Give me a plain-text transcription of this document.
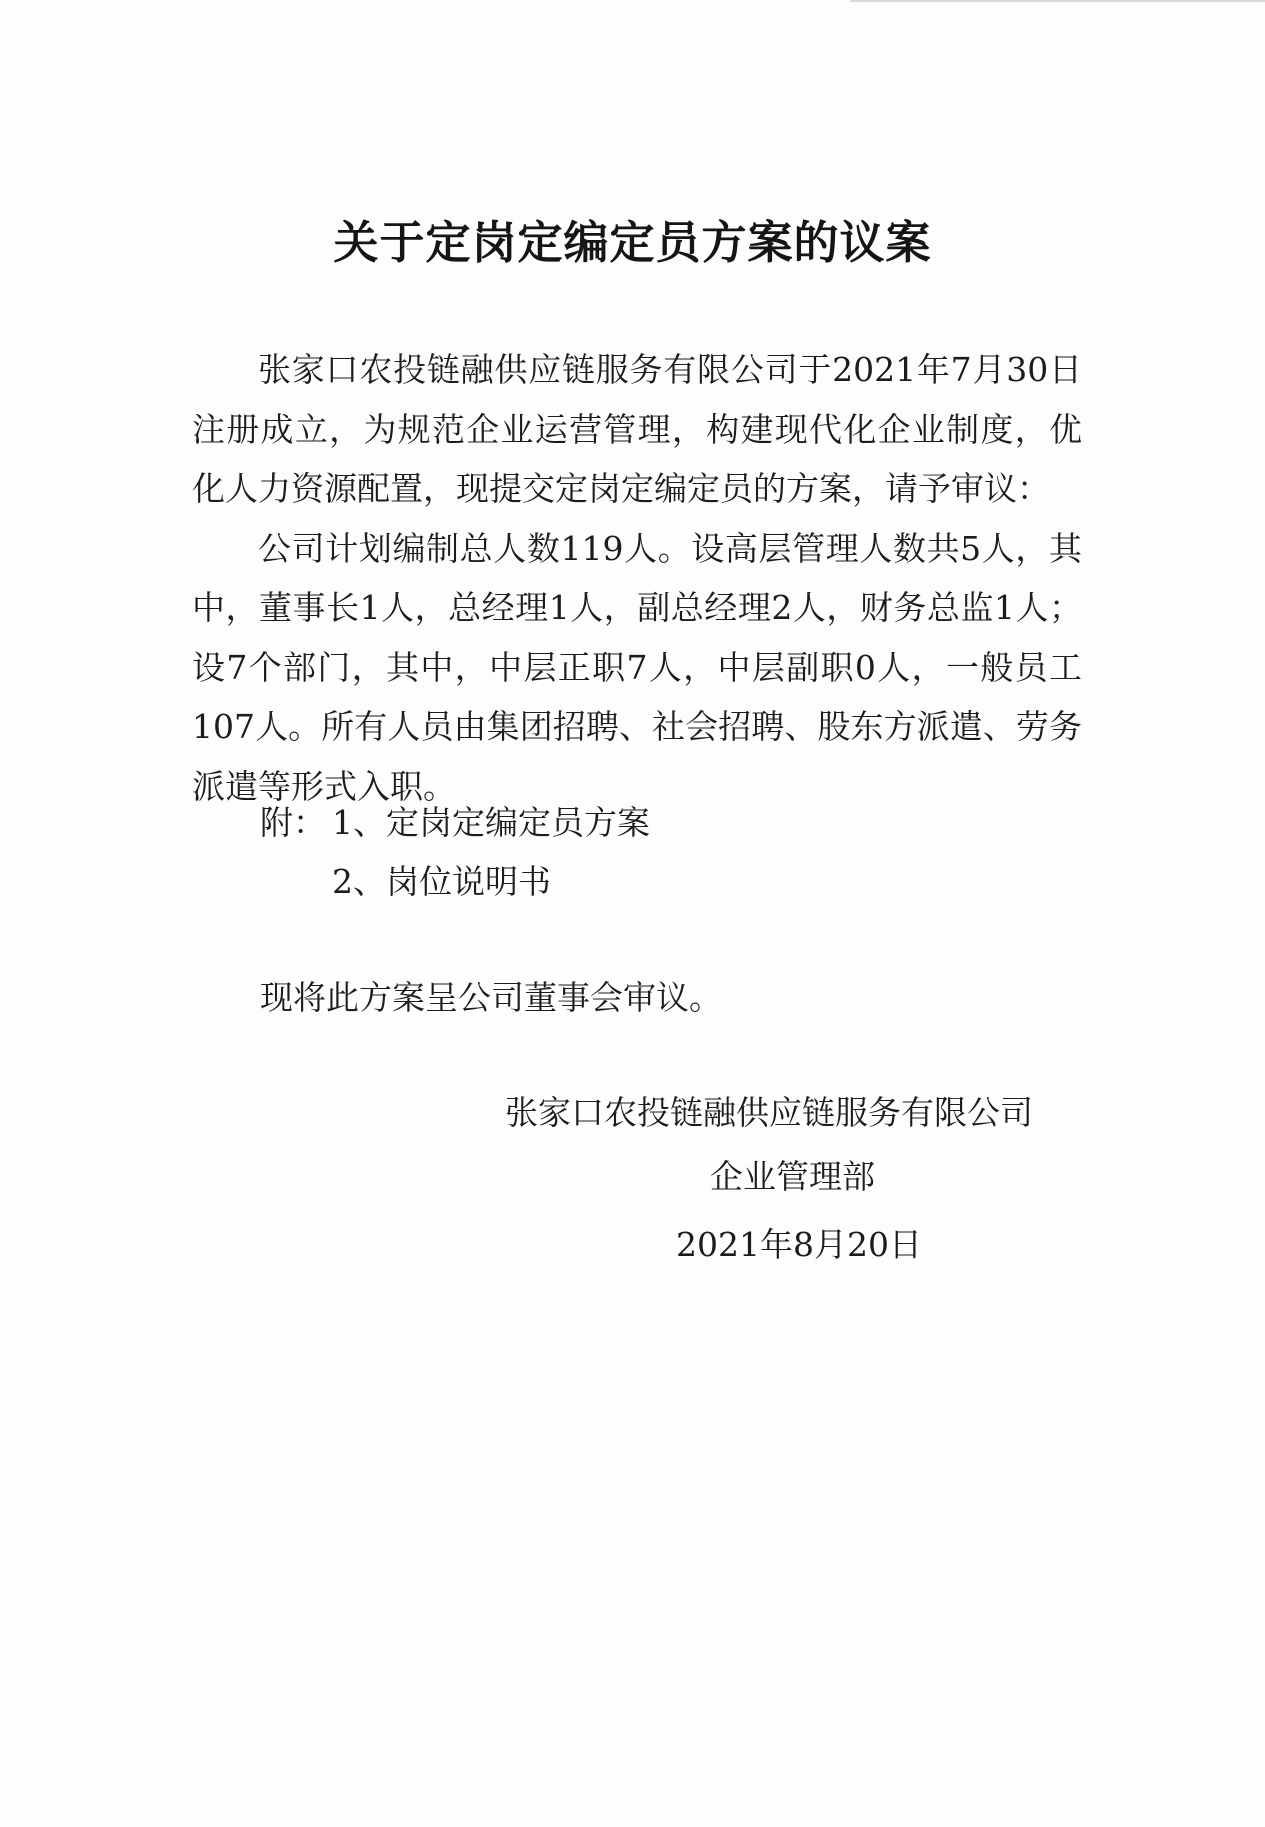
关于定岗定编定员方案的议案

张家口农投链融供应链服务有限公司于2021年7月30日注册成立，为规范企业运营管理，构建现代化企业制度，优化人力资源配置，现提交定岗定编定员的方案，请予审议：

公司计划编制总人数119人。设高层管理人数共5人，其中，董事长1人，总经理1人，副总经理2人，财务总监1人；设7个部门，其中，中层正职7人，中层副职0人，一般员工107人。所有人员由集团招聘、社会招聘、股东方派遣、劳务派遣等形式入职。

附： 1、定岗定编定员方案
2、岗位说明书
现将此方案呈公司董事会审议。
张家口农投链融供应链服务有限公司
企业管理部
2021年8月20日
